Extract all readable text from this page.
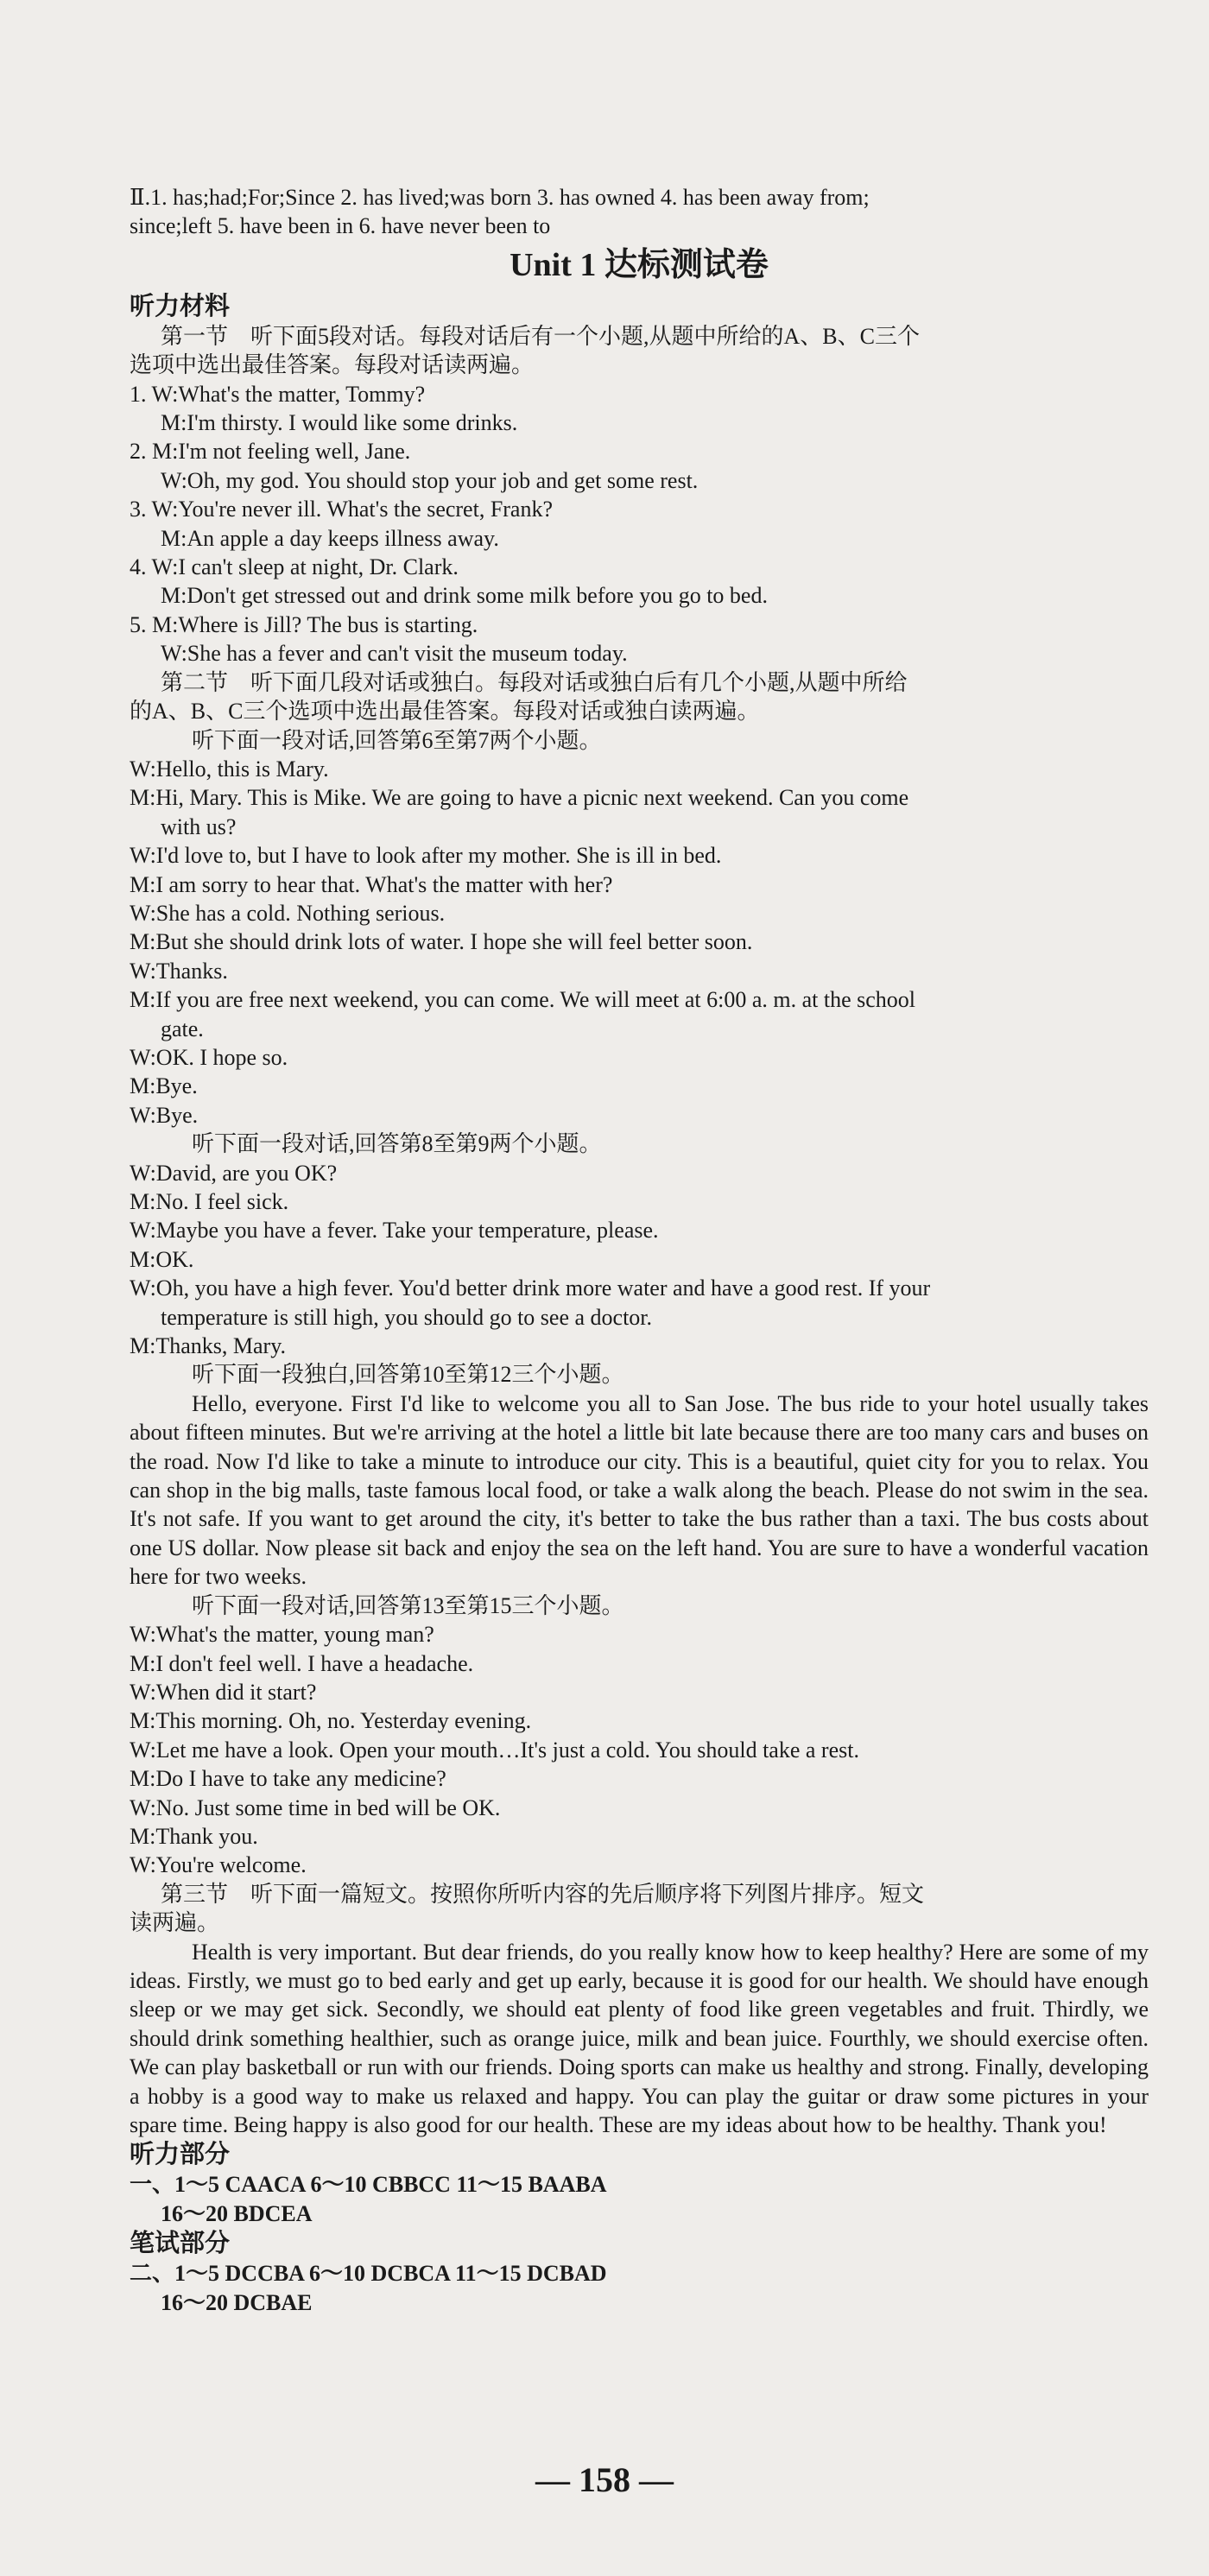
Ⅱ.1. has;had;For;Since 2. has lived;was born 3. has owned 4. has been away from;
since;left 5. have been in 6. have never been to
Unit 1 达标测试卷
听力材料
第一节　听下面5段对话。每段对话后有一个小题,从题中所给的A、B、C三个
选项中选出最佳答案。每段对话读两遍。
1. W:What's the matter, Tommy?
M:I'm thirsty. I would like some drinks.
2. M:I'm not feeling well, Jane.
W:Oh, my god. You should stop your job and get some rest.
3. W:You're never ill. What's the secret, Frank?
M:An apple a day keeps illness away.
4. W:I can't sleep at night, Dr. Clark.
M:Don't get stressed out and drink some milk before you go to bed.
5. M:Where is Jill? The bus is starting.
W:She has a fever and can't visit the museum today.
第二节　听下面几段对话或独白。每段对话或独白后有几个小题,从题中所给
的A、B、C三个选项中选出最佳答案。每段对话或独白读两遍。
听下面一段对话,回答第6至第7两个小题。
W:Hello, this is Mary.
M:Hi, Mary. This is Mike. We are going to have a picnic next weekend. Can you come
with us?
W:I'd love to, but I have to look after my mother. She is ill in bed.
M:I am sorry to hear that. What's the matter with her?
W:She has a cold. Nothing serious.
M:But she should drink lots of water. I hope she will feel better soon.
W:Thanks.
M:If you are free next weekend, you can come. We will meet at 6:00 a. m. at the school
gate.
W:OK. I hope so.
M:Bye.
W:Bye.
听下面一段对话,回答第8至第9两个小题。
W:David, are you OK?
M:No. I feel sick.
W:Maybe you have a fever. Take your temperature, please.
M:OK.
W:Oh, you have a high fever. You'd better drink more water and have a good rest. If your
temperature is still high, you should go to see a doctor.
M:Thanks, Mary.
听下面一段独白,回答第10至第12三个小题。
Hello, everyone. First I'd like to welcome you all to San Jose. The bus ride to your hotel usually takes about fifteen minutes. But we're arriving at the hotel a little bit late because there are too many cars and buses on the road. Now I'd like to take a minute to introduce our city. This is a beautiful, quiet city for you to relax. You can shop in the big malls, taste famous local food, or take a walk along the beach. Please do not swim in the sea. It's not safe. If you want to get around the city, it's better to take the bus rather than a taxi. The bus costs about one US dollar. Now please sit back and enjoy the sea on the left hand. You are sure to have a wonderful vacation here for two weeks.
听下面一段对话,回答第13至第15三个小题。
W:What's the matter, young man?
M:I don't feel well. I have a headache.
W:When did it start?
M:This morning. Oh, no. Yesterday evening.
W:Let me have a look. Open your mouth…It's just a cold. You should take a rest.
M:Do I have to take any medicine?
W:No. Just some time in bed will be OK.
M:Thank you.
W:You're welcome.
第三节　听下面一篇短文。按照你所听内容的先后顺序将下列图片排序。短文
读两遍。
Health is very important. But dear friends, do you really know how to keep healthy? Here are some of my ideas. Firstly, we must go to bed early and get up early, because it is good for our health. We should have enough sleep or we may get sick. Secondly, we should eat plenty of food like green vegetables and fruit. Thirdly, we should drink something healthier, such as orange juice, milk and bean juice. Fourthly, we should exercise often. We can play basketball or run with our friends. Doing sports can make us healthy and strong. Finally, developing a hobby is a good way to make us relaxed and happy. You can play the guitar or draw some pictures in your spare time. Being happy is also good for our health. These are my ideas about how to be healthy. Thank you!
听力部分
一、1～5 CAACA 6～10 CBBCC 11～15 BAABA
16～20 BDCEA
笔试部分
二、1～5 DCCBA 6～10 DCBCA 11～15 DCBAD
16～20 DCBAE
— 158 —
